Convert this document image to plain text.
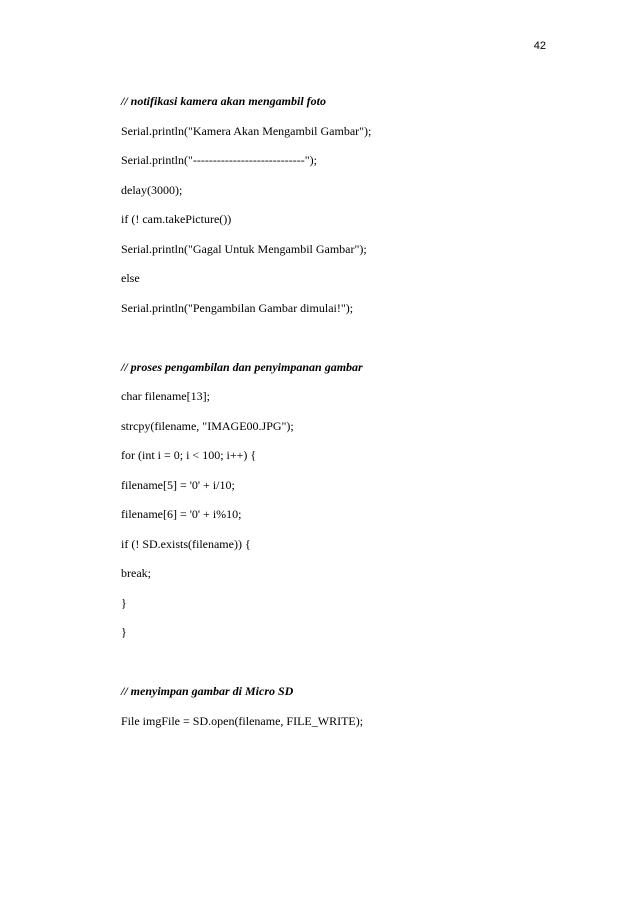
42
// notifikasi kamera akan mengambil foto
Serial.println("Kamera Akan Mengambil Gambar");
Serial.println("----------------------------");
delay(3000);
if (! cam.takePicture())
Serial.println("Gagal Untuk Mengambil Gambar");
else
Serial.println("Pengambilan Gambar dimulai!");
// proses pengambilan dan penyimpanan gambar
char filename[13];
strcpy(filename, "IMAGE00.JPG");
for (int i = 0; i < 100; i++) {
filename[5] = '0' + i/10;
filename[6] = '0' + i%10;
if (! SD.exists(filename)) {
break;
}
}
// menyimpan gambar di Micro SD
File imgFile = SD.open(filename, FILE_WRITE);
